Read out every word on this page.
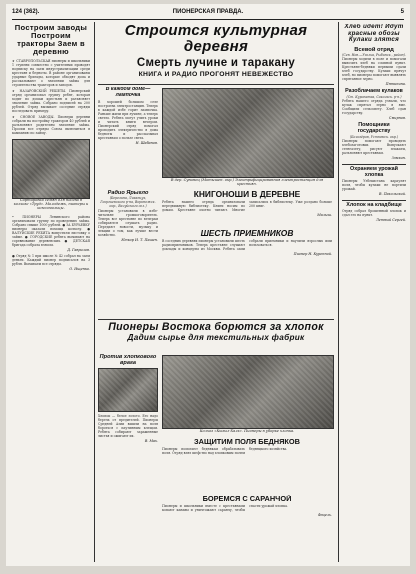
124 (362).	ПИОНЕРСКАЯ ПРАВДА.	5
Построим заводы Построим тракторы Заем в деревню
★ СТАВРОПОЛЬСКАЯ пионеры и школьники 1 ступени совместно с учителями проводят подписку на заем индустриализации среди крестьян и бедноты. В районе организованы ударные бригады, которые обходят дома и рассказывают о значении займа для строительства тракторов и заводов.
★ НАЗАРОВСКИЙ РЕШЕТЫ. Пионерский отряд организовал группу ребят, которая ходит по домам крестьян и разъясняет значение займа. Собрано подписей на 200 рублей. Отряд вызывает соседние отряды последовать примеру.
★ СНОВОЕ ЗАВОДЫ. Пионеры деревни собрали на постройку тракторов 40 рублей и разъясняют родителям значение займа. Просим все отряды Союза включиться в кампанию по займу.
Сортировка семян для посева в колхозе «Труд». Молодежь, пионеры и комсомольцы.
• ПИОНЕРЫ Ленинского района организовали группу по проведению займа. Собрано свыше 1000 рублей. ● ЗА БУРЬЕВКУ пионеры оказали помощь колхозу. ● ВАЛУЙСКИЕ РЕБЯТА выпустили листовку о займе. ● ГОРОДСКИЕ ребята вызывают на соревнование деревенских. ● ДЕТСКАЯ бригада собрала взносы.
Д. Гаврилов.
● Отряд № 1 при школе № 42 собрал на заем деньги. Каждый пионер подписался на 3 рубля. Вызываем все отряды.
О. Ищенко.
Строится культурная деревня
Смерть лучине и таракану
КНИГА И РАДИО ПРОГОНЯТ НЕВЕЖЕСТВО
В каждом доме— лампочка
В хорошей большом селе построена электростанция. Теперь в каждой избе горит лампочка. Раньше жили при лучине, а теперь светло. Ребята могут учить уроки и читать книги вечером. Пионерский отряд помогал проводить электричество в дома бедноты и рассказывал крестьянам о пользе света.
Н. Шабанов.
Радио Ярыгло
(Березина, Лиханцух, Георгиевского р-на, Воронежск. окр., Валуйского сел.)
Пионеры установили в избе-читальне громкоговоритель. Теперь все крестьяне по вечерам собираются слушать радио. Передают новости, музыку и лекции о том, как лучше вести хозяйство.
Юнкор И. Т. Пашен.
В дер. Сувинец (Мотышен. окр.) Электрифицированная электростанция для крестьян.
КНИГОНОШИ В ДЕРЕВНЕ
Ребята нашего отряда организовали передвижную библиотеку. Книги носим по домам. Крестьяне охотно читают. Многие записались в библиотеку. Уже роздано больше 200 книг.
Малыш.
ШЕСТЬ ПРИЕМНИКОВ
В соседних деревнях пионеры установили шесть радиоприемников. Теперь крестьяне слушают доклады и концерты из Москвы. Ребята сами собрали приемники и научили взрослых ими пользоваться.
Пионер Н. Куренной.
Пионеры Востока борются за хлопок
Дадим сырье для текстильных фабрик
Против хлопкового врага
Хлопок — белое золото. Его надо беречь от вредителей. Пионеры Средней Азии вышли на поля бороться с паутинным клещом. Ребята собирают зараженные листья и сжигают их.
В. Мах.
Колхоз «Кызыл-Халк». Пионеры в уборке хлопка.
ЗАЩИТИМ ПОЛЯ БЕДНЯКОВ
Пионеры помогают беднякам обрабатывать поля. Отряд взял шефство над хлопковым полем бедняцкого хозяйства.
БОРЕМСЯ С САРАНЧОЙ
Пионеры и школьники вместе с крестьянами копают канавы и уничтожают саранчу, чтобы спасти урожай хлопка.
Фэцель.
Хлеб идет! Идут красные обозы Кулаки злятся
Всевой отряд
(Сев. Нов.—Уголка, Рыбинск., район).
Пионеры ходили в поле и помогали вывозить хлеб на ссыпной пункт. Крестьяне-бедняки первыми сдали хлеб государству. Кулаки прячут хлеб, но пионеры помогают выявлять спрятанное зерно.
Пятинина.
Разоблачаем кулаков
(Ст. Куропатка, Сокольск. р-н.)
Ребята нашего отряда узнали, что кулак спрятал зерно в яме. Сообщили сельсовету. Хлеб сдан государству.
Смирнов.
Помощники государству
(Белозёров, Устюжск. окр.)
Пионеры помогают проводить хлебозаготовки. Выпускают стенгазету, рисуют плакаты, разъясняют крестьянам.
Зэмкин.
Охраняем урожай хлопка
Пионеры Узбекистана караулят поля, чтобы кулаки не портили урожай.
В. Пахольский.
Хлопок на кладбище
Отряд собрал брошенный хлопок и сдал его на пункт.
Летный Сергей.
